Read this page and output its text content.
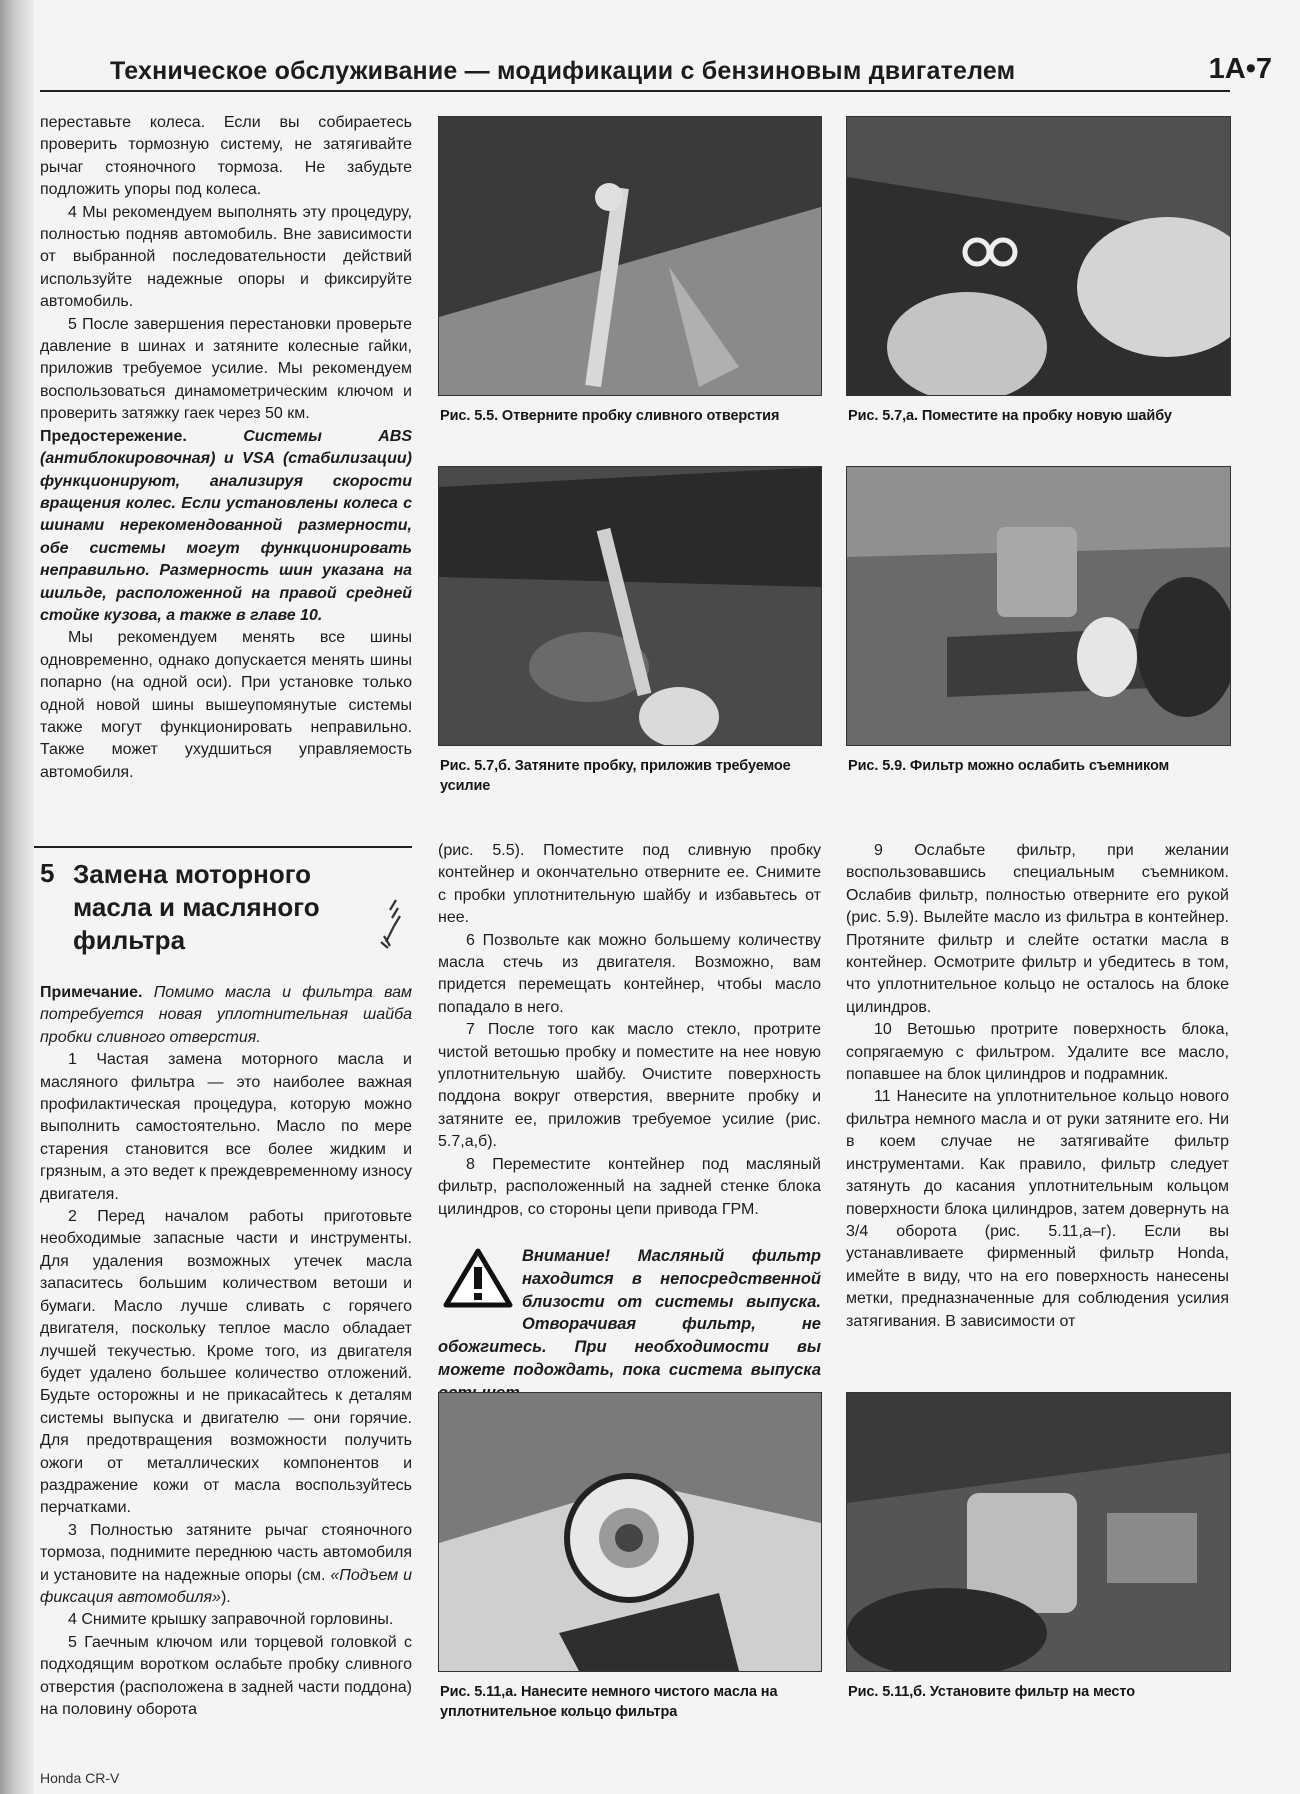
Техническое обслуживание — модификации с бензиновым двигателем	1A•7

переставьте колеса. Если вы собираетесь проверить тормозную систему, не затягивайте рычаг стояночного тормоза. Не забудьте подложить упоры под колеса.

4 Мы рекомендуем выполнять эту процедуру, полностью подняв автомобиль. Вне зависимости от выбранной последовательности действий используйте надежные опоры и фиксируйте автомобиль.

5 После завершения перестановки проверьте давление в шинах и затяните колесные гайки, приложив требуемое усилие. Мы рекомендуем воспользоваться динамометрическим ключом и проверить затяжку гаек через 50 км.

Предостережение. Системы ABS (антиблокировочная) и VSA (стабилизации) функционируют, анализируя скорости вращения колес. Если установлены колеса с шинами нерекомендованной размерности, обе системы могут функционировать неправильно. Размерность шин указана на шильде, расположенной на правой средней стойке кузова, а также в главе 10.

Мы рекомендуем менять все шины одновременно, однако допускается менять шины попарно (на одной оси). При установке только одной новой шины вышеупомянутые системы также могут функционировать неправильно. Также может ухудшиться управляемость автомобиля.

5 Замена моторного
масла и масляного
фильтра

Примечание. Помимо масла и фильтра вам потребуется новая уплотнительная шайба пробки сливного отверстия.

1 Частая замена моторного масла и масляного фильтра — это наиболее важная профилактическая процедура, которую можно выполнить самостоятельно. Масло по мере старения становится все более жидким и грязным, а это ведет к преждевременному износу двигателя.

2 Перед началом работы приготовьте необходимые запасные части и инструменты. Для удаления возможных утечек масла запаситесь большим количеством ветоши и бумаги. Масло лучше сливать с горячего двигателя, поскольку теплое масло обладает лучшей текучестью. Кроме того, из двигателя будет удалено большее количество отложений. Будьте осторожны и не прикасайтесь к деталям системы выпуска и двигателю — они горячие. Для предотвращения возможности получить ожоги от металлических компонентов и раздражение кожи от масла воспользуйтесь перчатками.

3 Полностью затяните рычаг стояночного тормоза, поднимите переднюю часть автомобиля и установите на надежные опоры (см. «Подъем и фиксация автомобиля»).

4 Снимите крышку заправочной горловины.

5 Гаечным ключом или торцевой головкой с подходящим воротком ослабьте пробку сливного отверстия (расположена в задней части поддона) на половину оборота

Рис. 5.5. Отверните пробку сливного отверстия	Рис. 5.7,а. Поместите на пробку новую шайбу
Рис. 5.7,б. Затяните пробку, приложив требуемое усилие
Рис. 5.9. Фильтр можно ослабить съемником

(рис. 5.5). Поместите под сливную пробку контейнер и окончательно отверните ее. Снимите с пробки уплотнительную шайбу и избавьтесь от нее.

6 Позвольте как можно большему количеству масла стечь из двигателя. Возможно, вам придется перемещать контейнер, чтобы масло попадало в него.

7 После того как масло стекло, протрите чистой ветошью пробку и поместите на нее новую уплотнительную шайбу. Очистите поверхность поддона вокруг отверстия, вверните пробку и затяните ее, приложив требуемое усилие (рис. 5.7,а,б).

8 Переместите контейнер под масляный фильтр, расположенный на задней стенке блока цилиндров, со стороны цепи привода ГРМ.

Внимание! Масляный фильтр находится в непосредственной близости от системы выпуска. Отворачивая фильтр, не обожгитесь. При необходимости вы можете подождать, пока система выпуска

9 Ослабьте фильтр, при желании воспользовавшись специальным съемником. Ослабив фильтр, полностью отверните его рукой (рис. 5.9). Вылейте масло из фильтра в контейнер. Протяните фильтр и слейте остатки масла в контейнер. Осмотрите фильтр и убедитесь в том, что уплотнительное кольцо не осталось на блоке цилиндров.

10 Ветошью протрите поверхность блока, сопрягаемую с фильтром. Удалите все масло, попавшее на блок цилиндров и подрамник.

11 Нанесите на уплотнительное кольцо нового фильтра немного масла и от руки затяните его. Ни в коем случае не затягивайте фильтр инструментами. Как правило, фильтр следует затянуть до касания уплотнительным кольцом поверхности блока цилиндров, затем довернуть на 3/4 оборота (рис. 5.11,а–г). Если вы устанавливаете фирменный фильтр Honda, имейте в виду, что на его поверхность нанесены метки, предназначенные для соблюдения усилия затягивания. В зависимости от

Рис. 5.11,а. Нанесите немного чистого масла на уплотнительное кольцо фильтра
Рис. 5.11,б. Установите фильтр на место
Honda CR-V
